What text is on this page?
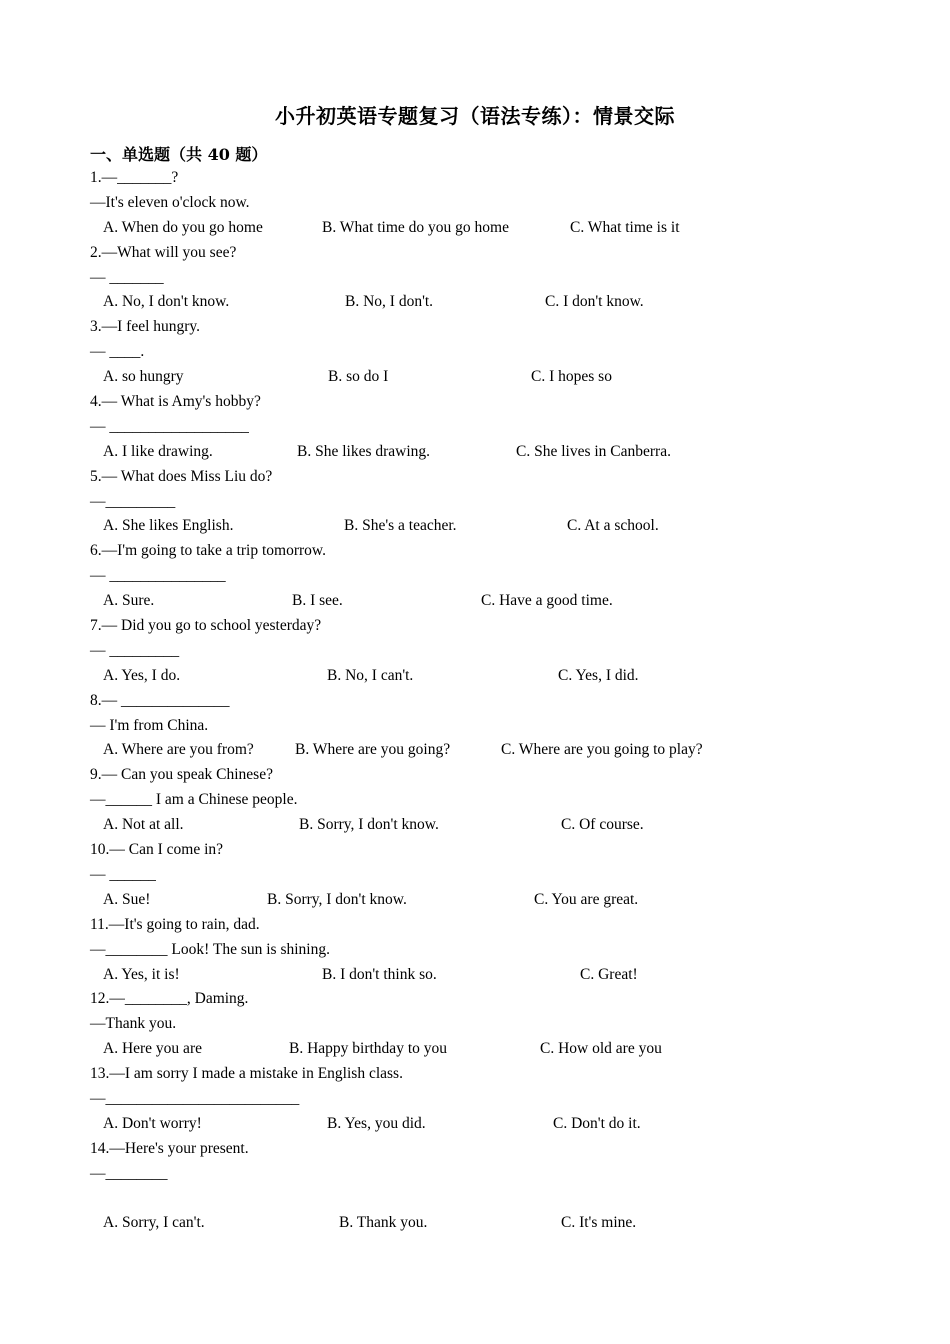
小升初英语专题复习（语法专练）：情景交际
一、单选题（共 40 题）
1.—_______?
—It's eleven o'clock now.
A. When do you go home	B. What time do you go home	C. What time is it
2.—What will you see?
— _______
A. No, I don't know.	B. No, I don't.	C. I don't know.
3.—I feel hungry.
— ____.
A. so hungry	B. so do I	C. I hopes so
4.— What is Amy's hobby?
— __________________
A. I like drawing.	B. She likes drawing.	C. She lives in Canberra.
5.— What does Miss Liu do?
—_________
A. She likes English.	B. She's a teacher.	C. At a school.
6.—I'm going to take a trip tomorrow.
— _______________
A. Sure.	B. I see.	C. Have a good time.
7.— Did you go to school yesterday?
— _________
A. Yes, I do.	B. No, I can't.	C. Yes, I did.
8.— ______________
— I'm from China.
A. Where are you from?	B. Where are you going?	C. Where are you going to play?
9.— Can you speak Chinese?
—______ I am a Chinese people.
A. Not at all.	B. Sorry, I don't know.	C. Of course.
10.— Can I come in?
— ______
A. Sue!	B. Sorry, I don't know.	C. You are great.
11.—It's going to rain, dad.
—________ Look! The sun is shining.
A. Yes, it is!	B. I don't think so.	C. Great!
12.—________, Daming.
—Thank you.
A. Here you are	B. Happy birthday to you	C. How old are you
13.—I am sorry I made a mistake in English class.
—_________________________
A. Don't worry!	B. Yes, you did.	C. Don't do it.
14.—Here's your present.
—________
A. Sorry, I can't.	B. Thank you.	C. It's mine.
